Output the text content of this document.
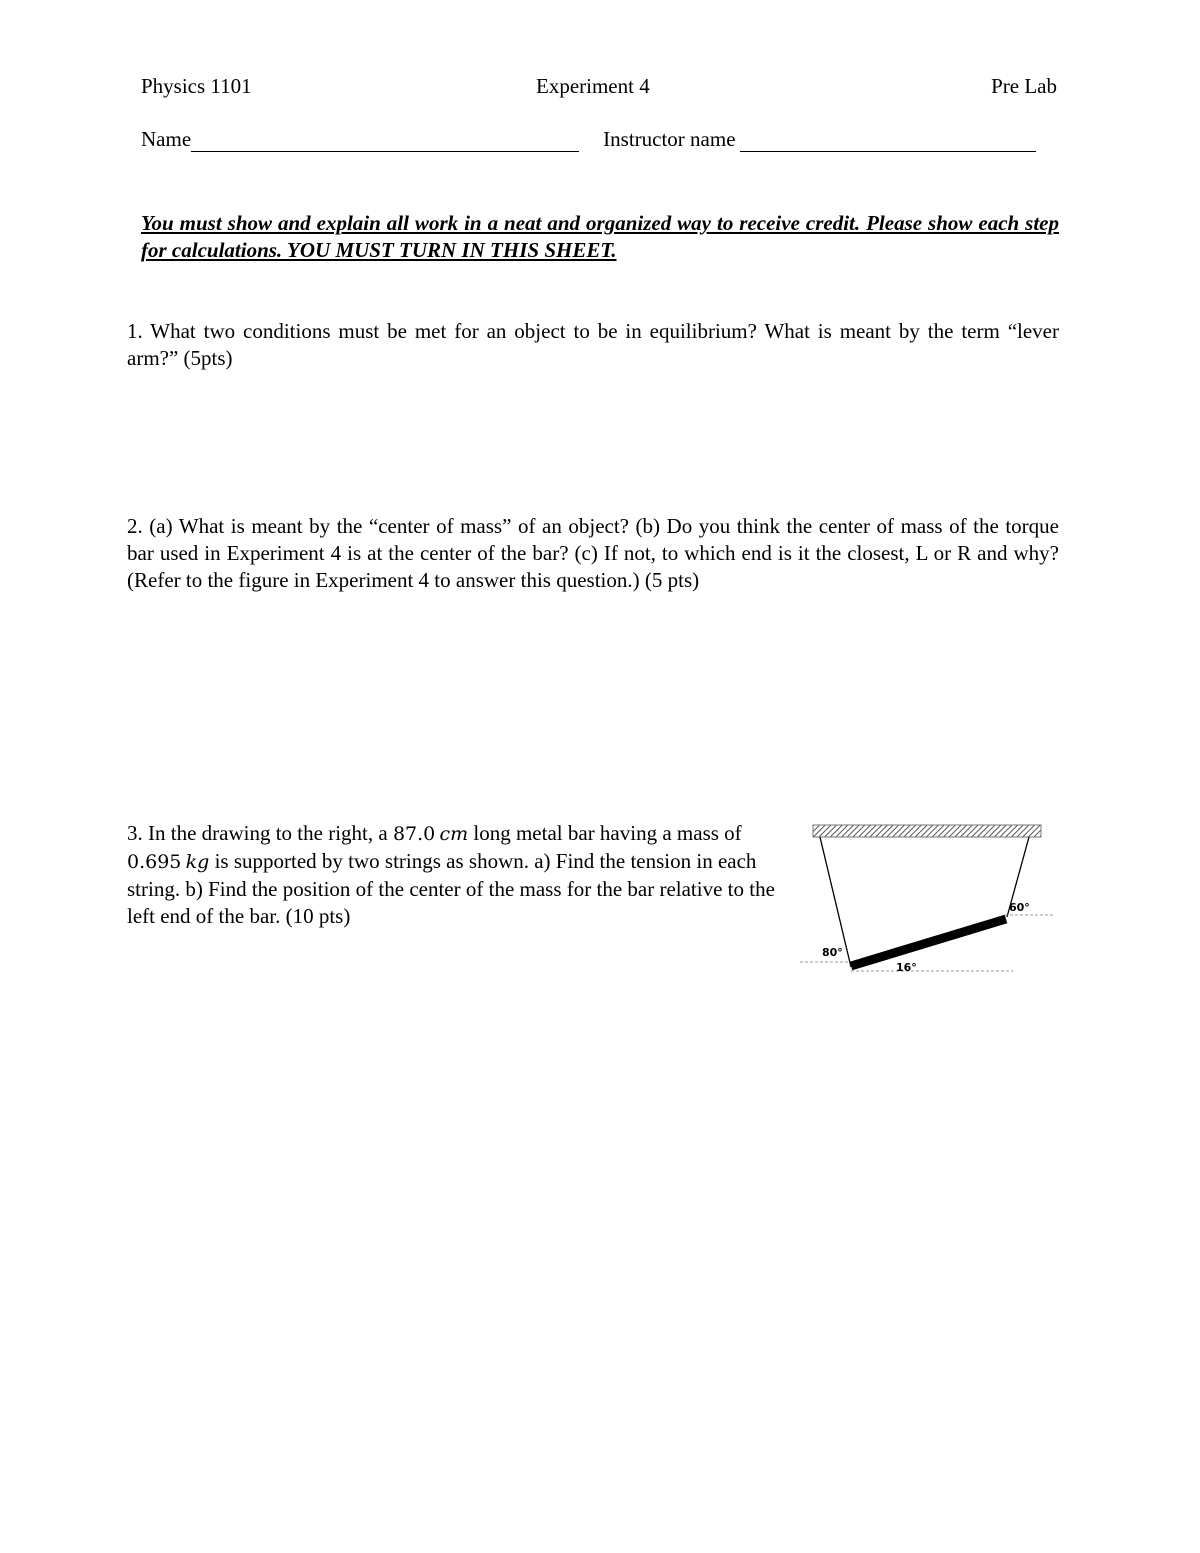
Physics 1101	Experiment 4	Pre Lab
Name	Instructor name
You must show and explain all work in a neat and organized way to receive credit. Please show each step for calculations. YOU MUST TURN IN THIS SHEET.
1. What two conditions must be met for an object to be in equilibrium? What is meant by the term “lever arm?” (5pts)
2. (a) What is meant by the “center of mass” of an object? (b) Do you think the center of mass of the torque bar used in Experiment 4 is at the center of the bar? (c) If not, to which end is it the closest, L or R and why? (Refer to the figure in Experiment 4 to answer this question.) (5 pts)
3. In the drawing to the right, a 87.0  cm long metal bar having a mass of 0.695  kg is supported by two strings as shown. a) Find the tension in each string. b) Find the position of the center of the mass for the bar relative to the left end of the bar. (10 pts)
80°
60°
16°
